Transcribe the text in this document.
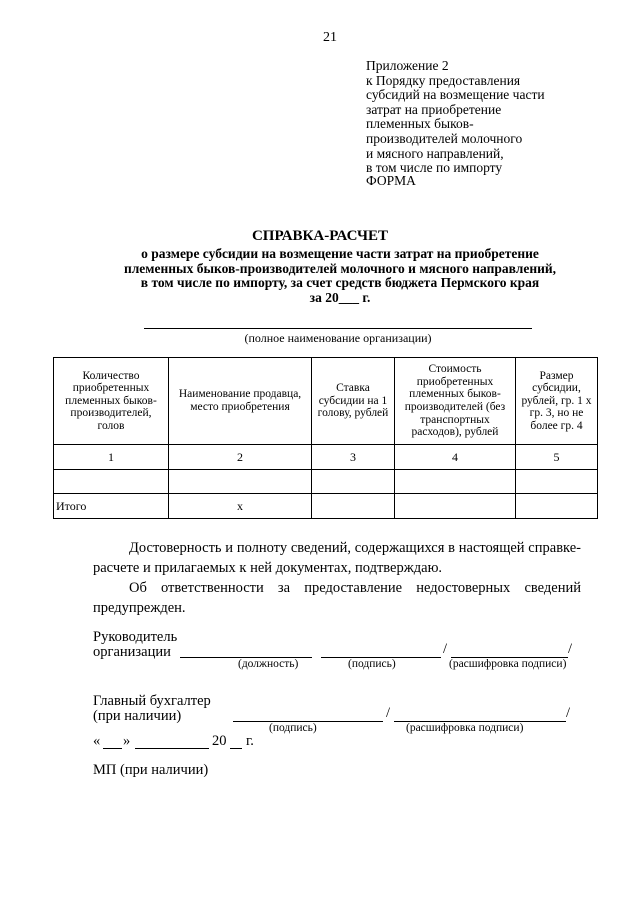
21
Приложение 2
к Порядку предоставления
субсидий на возмещение части
затрат на приобретение
племенных быков-
производителей молочного
и мясного направлений,
в том числе по импорту
ФОРМА
СПРАВКА-РАСЧЕТ
о размере субсидии на возмещение части затрат на приобретение
племенных быков-производителей молочного и мясного направлений,
в том числе по импорту, за счет средств бюджета Пермского края
за 20___ г.
(полное наименование организации)
Количество приобретенных племенных быков-производителей, голов	Наименование продавца, место приобретения	Ставка субсидии на 1 голову, рублей	Стоимость приобретенных племенных быков-производителей (без транспортных расходов), рублей	Размер субсидии, рублей, гр. 1 х гр. 3, но не более гр. 4
1	2	3	4	5

Итого	х			
Достоверность и полноту сведений, содержащихся в настоящей справке-расчете и прилагаемых к ней документах, подтверждаю.
Об ответственности за предоставление недостоверных сведений предупрежден.
Руководитель
организации	/	/
(должность)	(подпись)	(расшифровка подписи)
Главный бухгалтер
(при наличии)	/	/
(подпись)	(расшифровка подписи)
« »	20 г.
МП (при наличии)
